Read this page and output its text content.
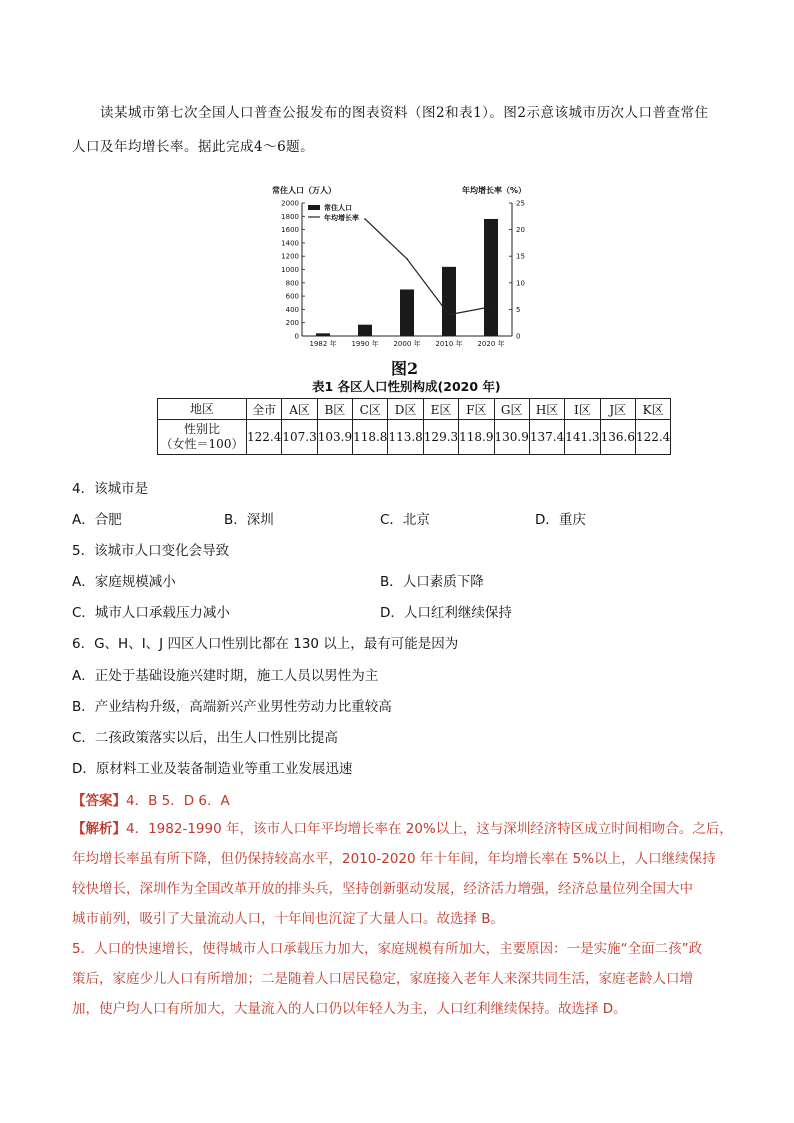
读某城市第七次全国人口普查公报发布的图表资料（图2和表1）。图2示意该城市历次人口普查常住
人口及年均增长率。据此完成4～6题。
常住人口（万人）	年均增长率（%）
0
200
400
600
800
1000
1200
1400
1600
1800
2000
0
5
10
15
20
25
1982 年 1990 年 2000 年 2010 年 2020 年
常住人口
年均增长率
图2
表1 各区人口性别构成(2020 年)
地区	全市	A区	B区	C区	D区	E区	F区	G区	H区	I区	J区	K区

性别比
（女性＝100）	122.4	107.3	103.9	118.8	113.8	129.3	118.9	130.9	137.4	141.3	136.6	122.4
4．该城市是
A．合肥	B．深圳	C．北京	D．重庆
5．该城市人口变化会导致
A．家庭规模减小	B．人口素质下降
C．城市人口承载压力减小	D．人口红利继续保持
6．G、H、I、J 四区人口性别比都在 130 以上，最有可能是因为
A．正处于基础设施兴建时期，施工人员以男性为主
B．产业结构升级，高端新兴产业男性劳动力比重较高
C．二孩政策落实以后，出生人口性别比提高
D．原材料工业及装备制造业等重工业发展迅速
【答案】4．B 5．D 6．A
【解析】4．1982-1990 年，该市人口年平均增长率在 20%以上，这与深圳经济特区成立时间相吻合。之后，
年均增长率虽有所下降，但仍保持较高水平，2010-2020 年十年间，年均增长率在 5%以上，人口继续保持
较快增长，深圳作为全国改革开放的排头兵，坚持创新驱动发展，经济活力增强，经济总量位列全国大中
城市前列，吸引了大量流动人口，十年间也沉淀了大量人口。故选择 B。
5．人口的快速增长，使得城市人口承载压力加大，家庭规模有所加大，主要原因：一是实施“全面二孩”政
策后，家庭少儿人口有所增加；二是随着人口居民稳定，家庭接入老年人来深共同生活，家庭老龄人口增
加，使户均人口有所加大，大量流入的人口仍以年轻人为主，人口红利继续保持。故选择 D。
